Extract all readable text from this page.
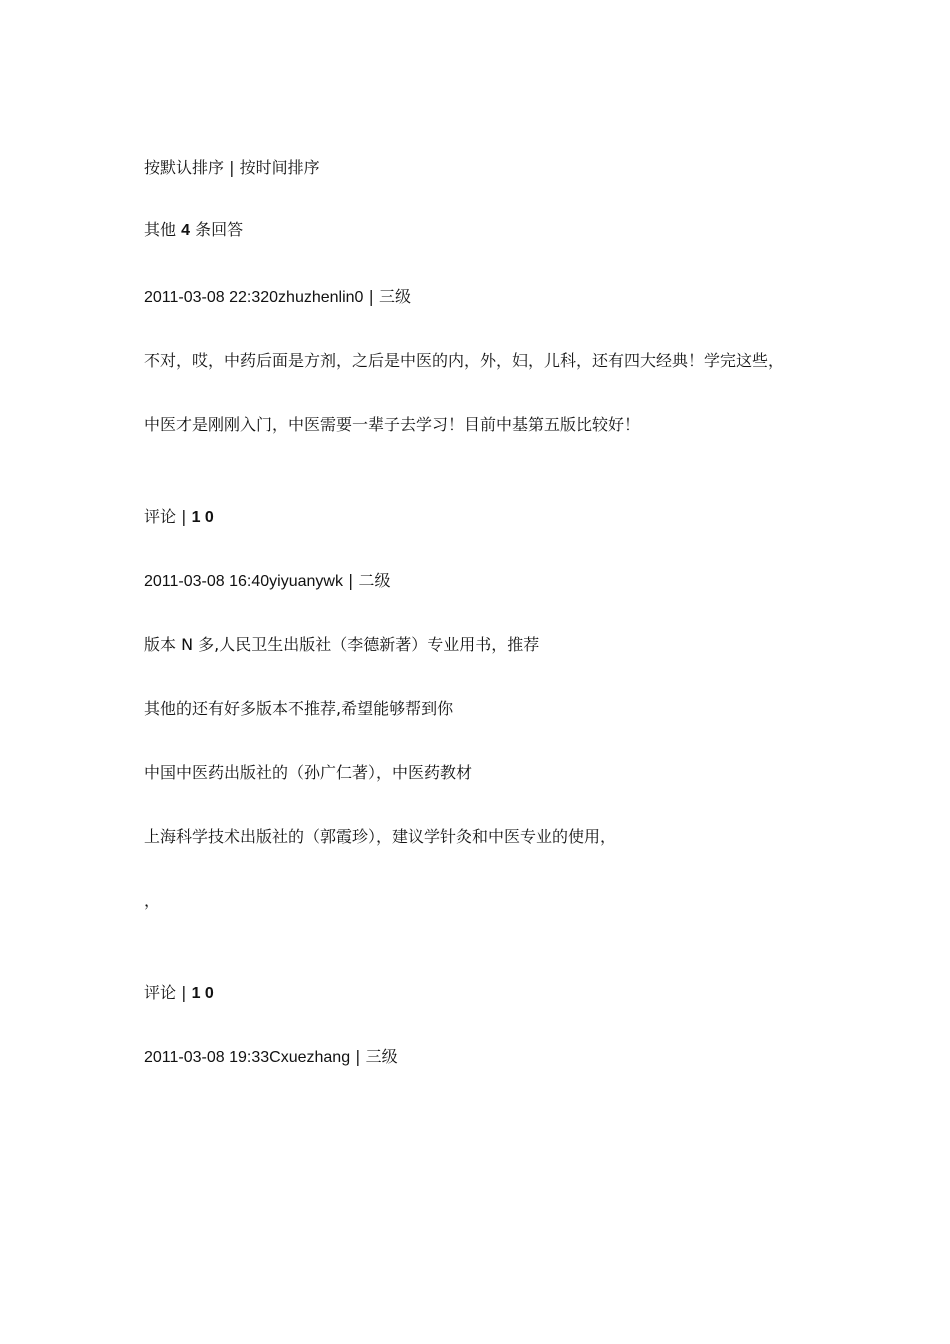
按默认排序 | 按时间排序
其他 4 条回答
2011-03-08 22:320zhuzhenlin0 | 三级
不对，哎，中药后面是方剂，之后是中医的内，外，妇，儿科，还有四大经典！学完这些，
中医才是刚刚入门，中医需要一辈子去学习！目前中基第五版比较好！
评论 | 1 0
2011-03-08 16:40yiyuanywk | 二级
版本 N 多,人民卫生出版社（李德新著）专业用书，推荐
其他的还有好多版本不推荐,希望能够帮到你
中国中医药出版社的（孙广仁著），中医药教材
上海科学技术出版社的（郭霞珍），建议学针灸和中医专业的使用，
，
评论 | 1 0
2011-03-08 19:33Cxuezhang | 三级
